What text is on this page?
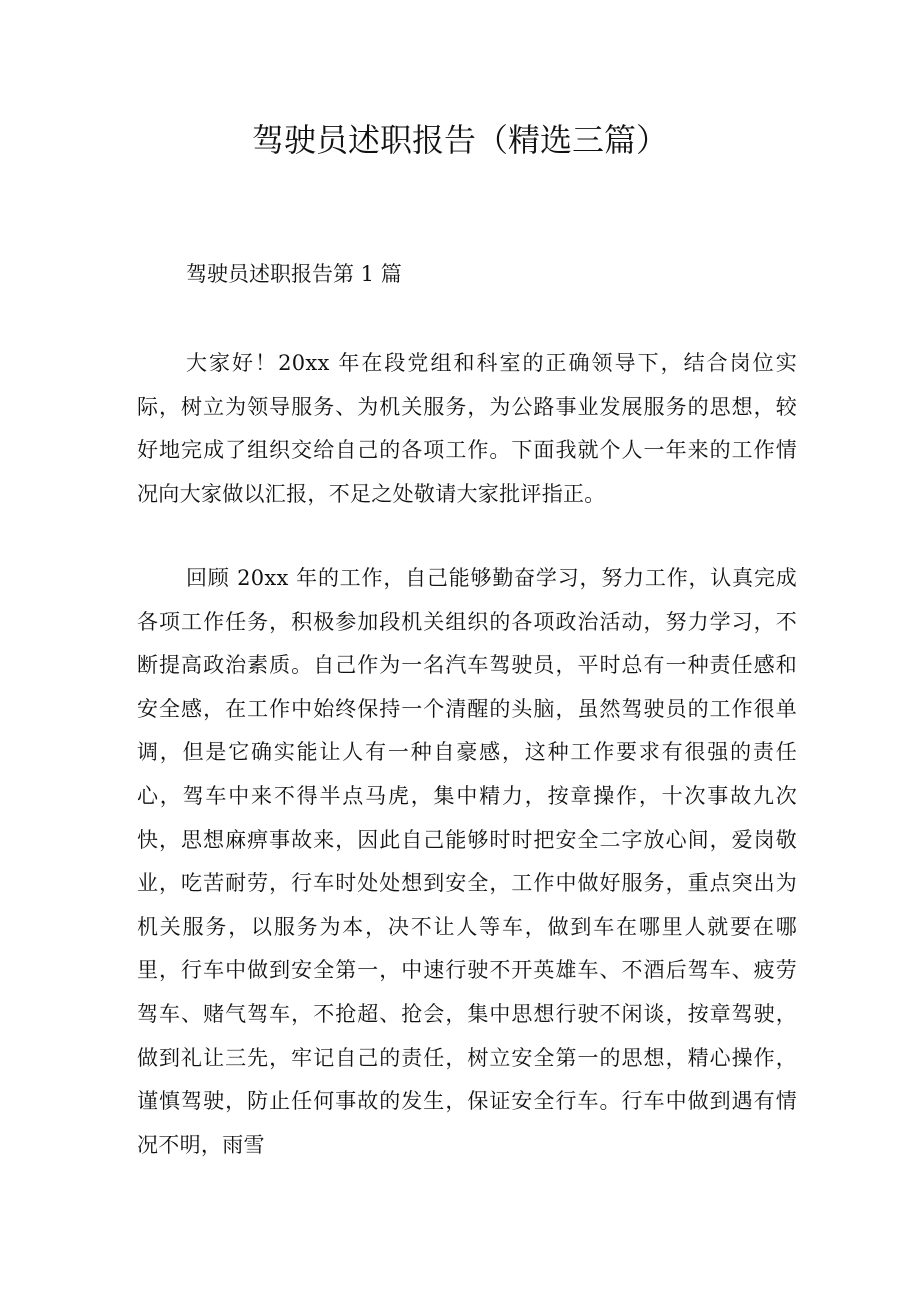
驾驶员述职报告（精选三篇）

驾驶员述职报告第 1 篇

大家好！20xx 年在段党组和科室的正确领导下，结合岗位实际，树立为领导服务、为机关服务，为公路事业发展服务的思想，较好地完成了组织交给自己的各项工作。下面我就个人一年来的工作情况向大家做以汇报，不足之处敬请大家批评指正。

回顾 20xx 年的工作，自己能够勤奋学习，努力工作，认真完成各项工作任务，积极参加段机关组织的各项政治活动，努力学习，不断提高政治素质。自己作为一名汽车驾驶员，平时总有一种责任感和安全感，在工作中始终保持一个清醒的头脑，虽然驾驶员的工作很单调，但是它确实能让人有一种自豪感，这种工作要求有很强的责任心，驾车中来不得半点马虎，集中精力，按章操作，十次事故九次快，思想麻痹事故来，因此自己能够时时把安全二字放心间，爱岗敬业，吃苦耐劳，行车时处处想到安全，工作中做好服务，重点突出为机关服务，以服务为本，决不让人等车，做到车在哪里人就要在哪里，行车中做到安全第一，中速行驶不开英雄车、不酒后驾车、疲劳驾车、赌气驾车，不抢超、抢会，集中思想行驶不闲谈，按章驾驶，做到礼让三先，牢记自己的责任，树立安全第一的思想，精心操作，谨慎驾驶，防止任何事故的发生，保证安全行车。行车中做到遇有情况不明，雨雪
